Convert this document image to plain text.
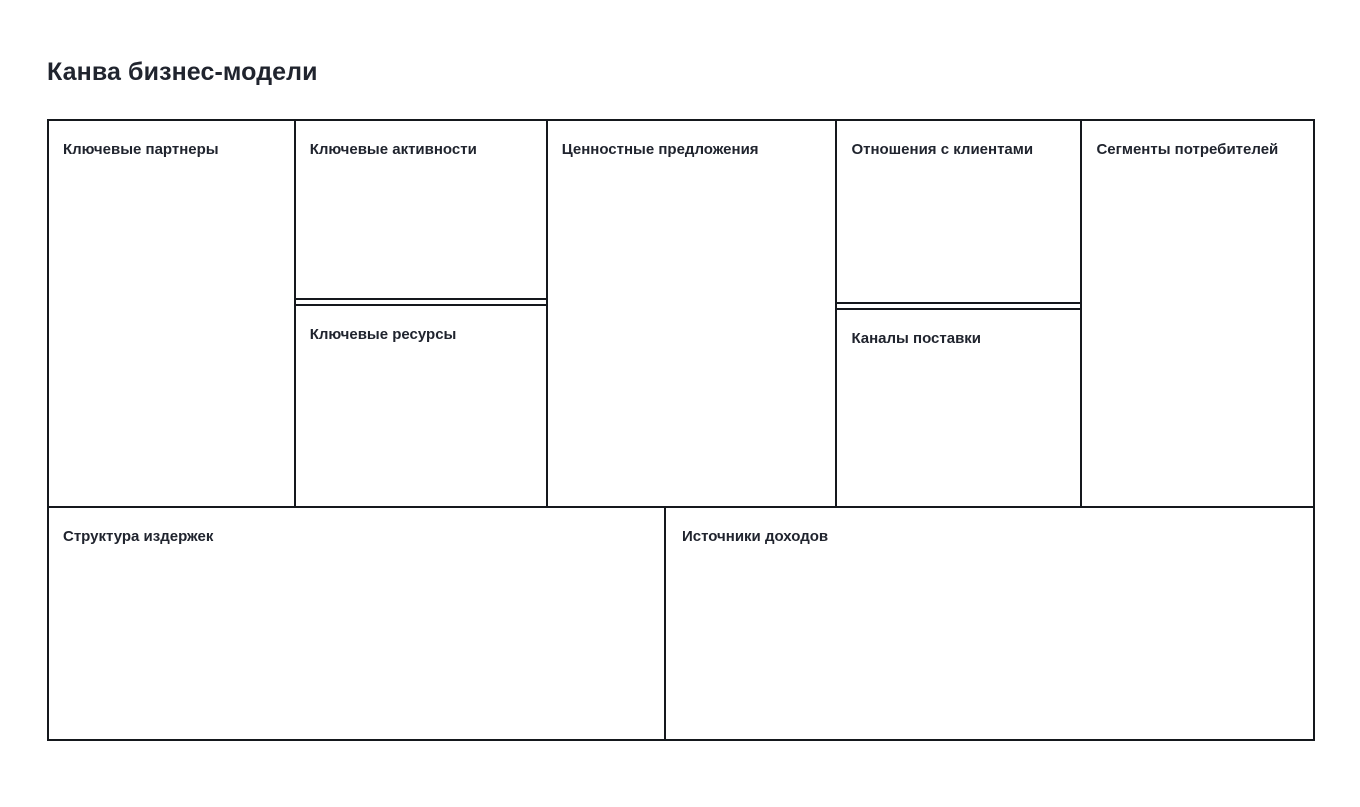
Канва бизнес-модели
Ключевые партнеры	Ключевые активности
Ключевые ресурсы
Ценностные предложения	Отношения с клиентами
Каналы поставки
Сегменты потребителей
Структура издержек	Источники доходов
